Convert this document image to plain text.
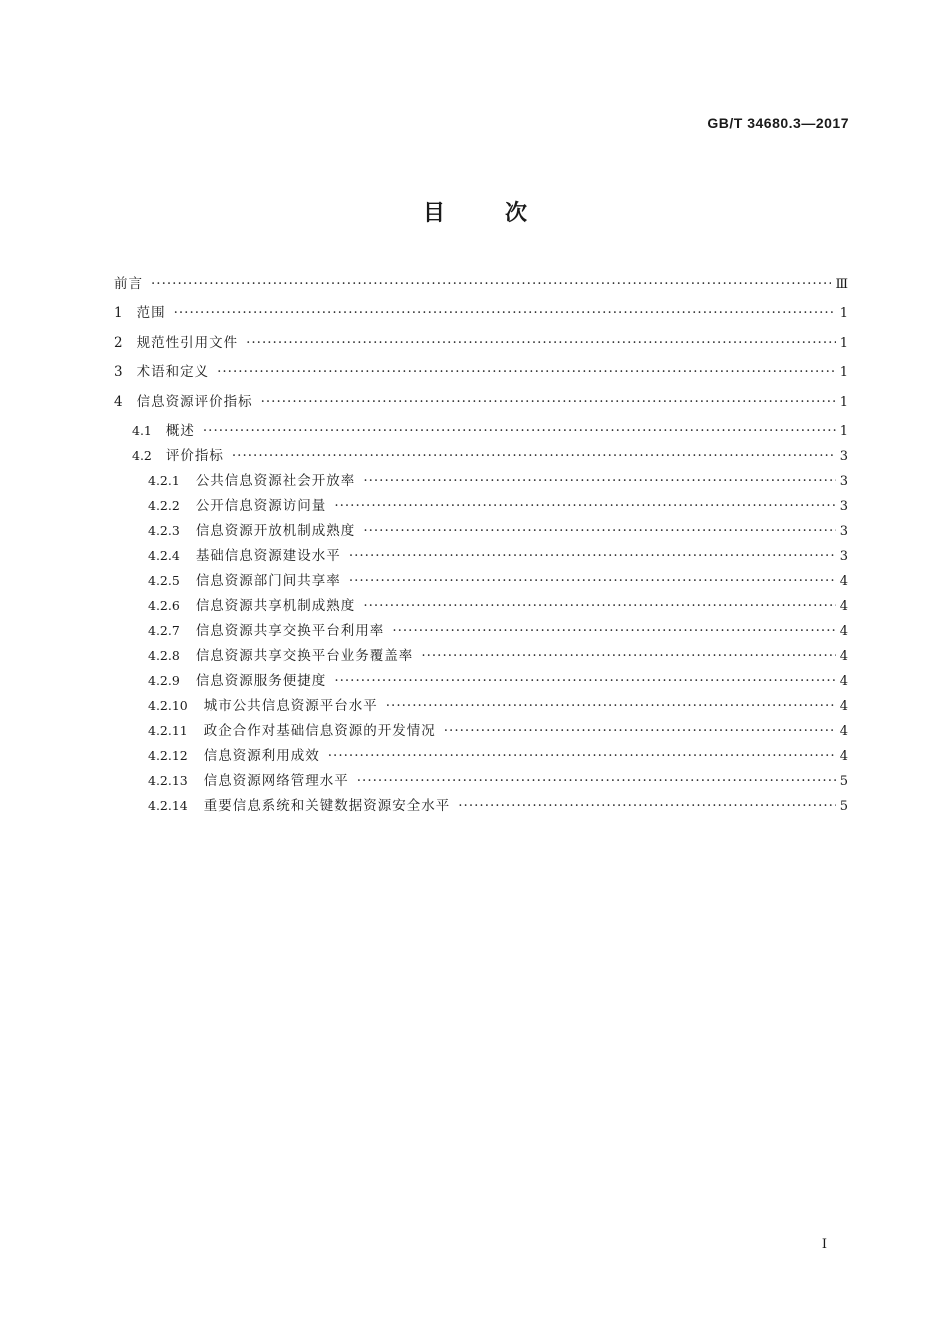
GB/T 34680.3—2017
目	次
前言 ·····	Ⅲ
1 范围 ·····	1
2 规范性引用文件 ·····	1
3 术语和定义 ·····	1
4 信息资源评价指标 ·····	1
4.1 概述 ·····	1
4.2 评价指标 ·····	3
4.2.1 公共信息资源社会开放率 ·····	3
4.2.2 公开信息资源访问量 ·····	3
4.2.3 信息资源开放机制成熟度 ·····	3
4.2.4 基础信息资源建设水平 ·····	3
4.2.5 信息资源部门间共享率 ·····	4
4.2.6 信息资源共享机制成熟度 ·····	4
4.2.7 信息资源共享交换平台利用率 ·····	4
4.2.8 信息资源共享交换平台业务覆盖率 ·····	4
4.2.9 信息资源服务便捷度 ·····	4
4.2.10 城市公共信息资源平台水平 ·····	4
4.2.11 政企合作对基础信息资源的开发情况 ·····	4
4.2.12 信息资源利用成效 ·····	4
4.2.13 信息资源网络管理水平 ·····	5
4.2.14 重要信息系统和关键数据资源安全水平 ·····	5
Ⅰ
